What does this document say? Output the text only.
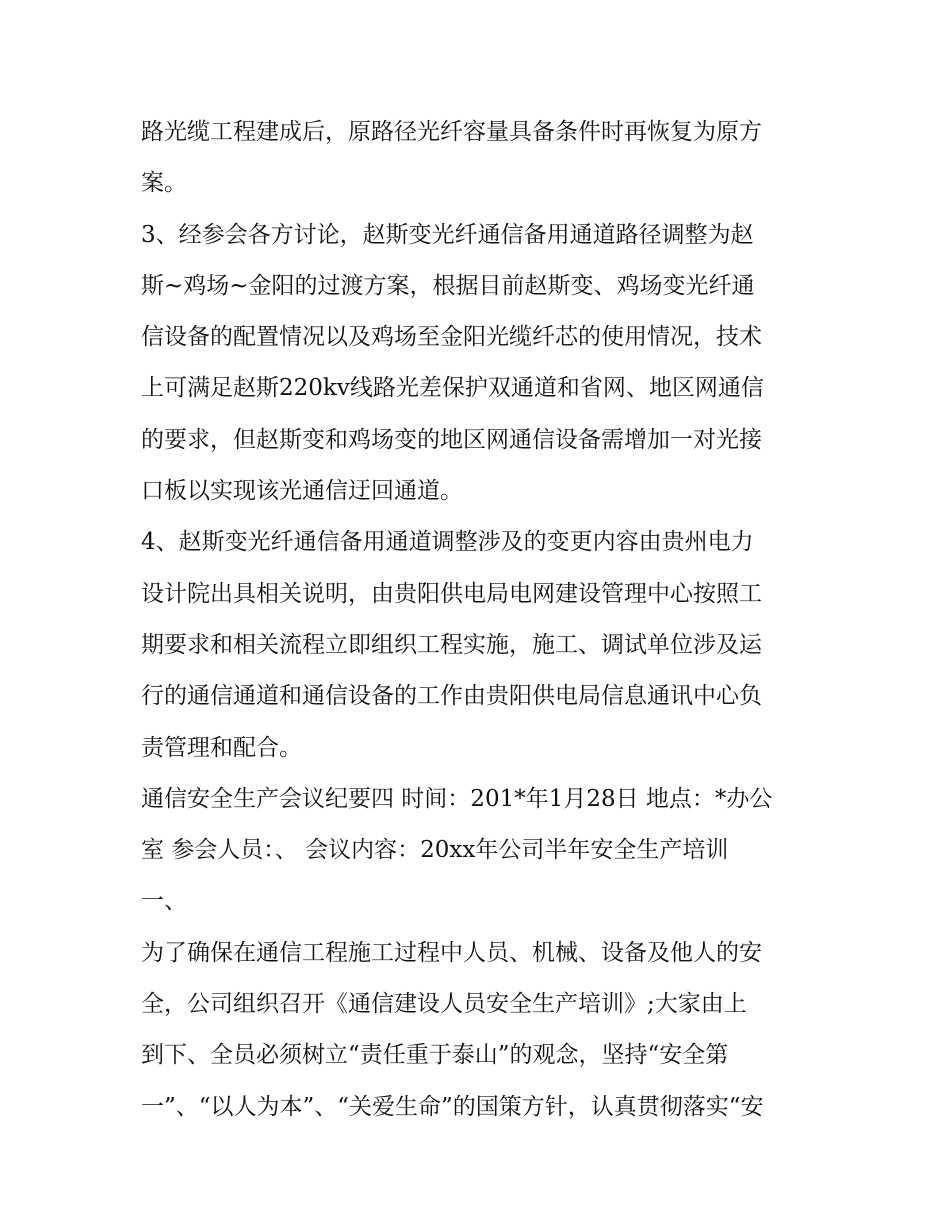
路光缆工程建成后，原路径光纤容量具备条件时再恢复为原方
案。
3、经参会各方讨论，赵斯变光纤通信备用通道路径调整为赵
斯~鸡场~金阳的过渡方案，根据目前赵斯变、鸡场变光纤通
信设备的配置情况以及鸡场至金阳光缆纤芯的使用情况，技术
上可满足赵斯220kv线路光差保护双通道和省网、地区网通信
的要求，但赵斯变和鸡场变的地区网通信设备需增加一对光接
口板以实现该光通信迂回通道。
4、赵斯变光纤通信备用通道调整涉及的变更内容由贵州电力
设计院出具相关说明，由贵阳供电局电网建设管理中心按照工
期要求和相关流程立即组织工程实施，施工、调试单位涉及运
行的通信通道和通信设备的工作由贵阳供电局信息通讯中心负
责管理和配合。
通信安全生产会议纪要四 时间：201*年1月28日 地点：*办公
室 参会人员：、 会议内容：20xx年公司半年安全生产培训
一、
为了确保在通信工程施工过程中人员、机械、设备及他人的安
全，公司组织召开《通信建设人员安全生产培训》;大家由上
到下、全员必须树立“责任重于泰山”的观念，坚持“安全第
一”、“以人为本”、“关爱生命”的国策方针，认真贯彻落实“安
